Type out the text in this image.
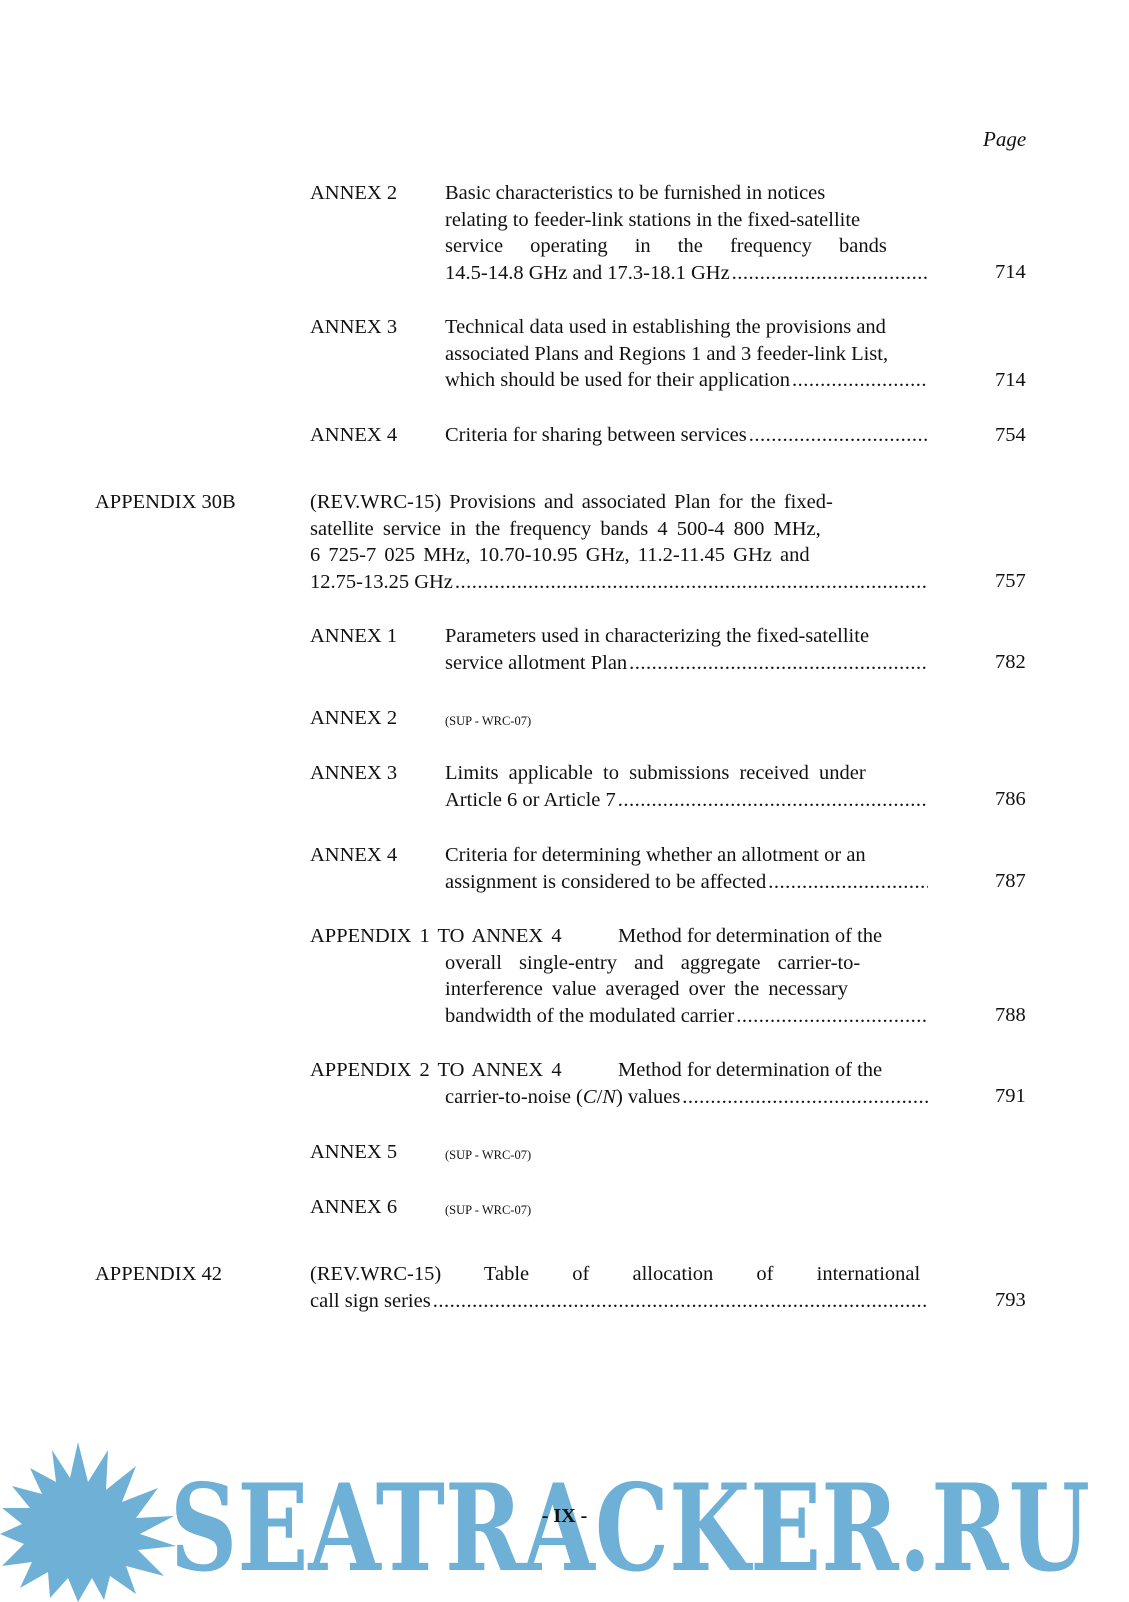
Page
ANNEX 2 Basic characteristics to be furnished in notices
relating to feeder-link stations in the fixed-satellite
service operating in the frequency bands
14.5-14.8 GHz and 17.3-18.1 GHz .....	714
ANNEX 3 Technical data used in establishing the provisions and
associated Plans and Regions 1 and 3 feeder-link List,
which should be used for their application .....	714
ANNEX 4 Criteria for sharing between services .....	754
APPENDIX 30B	(REV.WRC-15) Provisions and associated Plan for the fixed-
satellite service in the frequency bands 4 500-4 800 MHz,
6 725-7 025 MHz, 10.70-10.95 GHz, 11.2-11.45 GHz and
12.75-13.25 GHz .....	757
ANNEX 1 Parameters used in characterizing the fixed-satellite
service allotment Plan .....	782
ANNEX 2	(SUP - WRC-07)
ANNEX 3 Limits applicable to submissions received under
Article 6 or Article 7 .....	786
ANNEX 4 Criteria for determining whether an allotment or an
assignment is considered to be affected .....	787
APPENDIX 1 TO ANNEX 4	Method for determination of the
overall single-entry and aggregate carrier-to-
interference value averaged over the necessary
bandwidth of the modulated carrier .....	788
APPENDIX 2 TO ANNEX 4	Method for determination of the
carrier-to-noise (C/N) values .....	791
ANNEX 5	(SUP - WRC-07)
ANNEX 6	(SUP - WRC-07)
APPENDIX 42	(REV.WRC-15) Table of allocation of international
call sign series .....	793
SEATRACKER.RU
- IX -
